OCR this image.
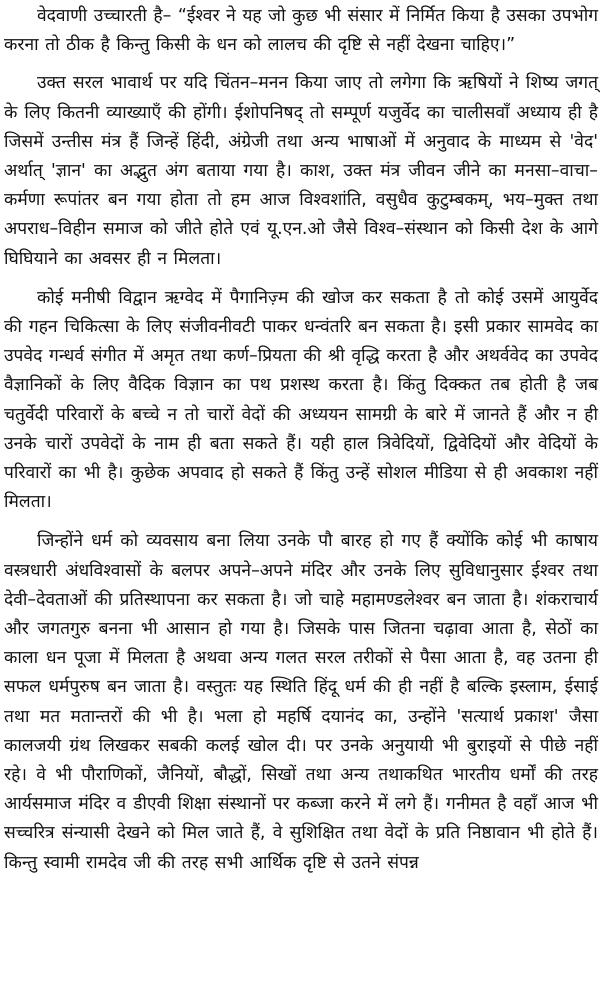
वेदवाणी उच्चारती है– “ईश्वर ने यह जो कुछ भी संसार में निर्मित किया है उसका उपभोग करना तो ठीक है किन्तु किसी के धन को लालच की दृष्टि से नहीं देखना चाहिए।”

उक्त सरल भावार्थ पर यदि चिंतन–मनन किया जाए तो लगेगा कि ऋषियों ने शिष्य जगत् के लिए कितनी व्याख्याएँ की होंगी। ईशोपनिषद् तो सम्पूर्ण यजुर्वेद का चालीसवाँ अध्याय ही है जिसमें उन्तीस मंत्र हैं जिन्हें हिंदी, अंग्रेजी तथा अन्य भाषाओं में अनुवाद के माध्यम से 'वेद' अर्थात् 'ज्ञान' का अद्भुत अंग बताया गया है। काश, उक्त मंत्र जीवन जीने का मनसा–वाचा–कर्मणा रूपांतर बन गया होता तो हम आज विश्वशांति, वसुधैव कुटुम्बकम्, भय–मुक्त तथा अपराध–विहीन समाज को जीते होते एवं यू.एन.ओ जैसे विश्व–संस्थान को किसी देश के आगे घिघियाने का अवसर ही न मिलता।

कोई मनीषी विद्वान ऋग्वेद में पैगानिज़्म की खोज कर सकता है तो कोई उसमें आयुर्वेद की गहन चिकित्सा के लिए संजीवनीवटी पाकर धन्वंतरि बन सकता है। इसी प्रकार सामवेद का उपवेद गन्धर्व संगीत में अमृत तथा कर्ण–प्रियता की श्री वृद्धि करता है और अथर्ववेद का उपवेद वैज्ञानिकों के लिए वैदिक विज्ञान का पथ प्रशस्थ करता है। किंतु दिक्कत तब होती है जब चतुर्वेदी परिवारों के बच्चे न तो चारों वेदों की अध्ययन सामग्री के बारे में जानते हैं और न ही उनके चारों उपवेदों के नाम ही बता सकते हैं। यही हाल त्रिवेदियों, द्विवेदियों और वेदियों के परिवारों का भी है। कुछेक अपवाद हो सकते हैं किंतु उन्हें सोशल मीडिया से ही अवकाश नहीं मिलता।

जिन्होंने धर्म को व्यवसाय बना लिया उनके पौ बारह हो गए हैं क्योंकि कोई भी काषाय वस्त्रधारी अंधविश्वासों के बलपर अपने–अपने मंदिर और उनके लिए सुविधानुसार ईश्वर तथा देवी–देवताओं की प्रतिस्थापना कर सकता है। जो चाहे महामण्डलेश्वर बन जाता है। शंकराचार्य और जगतगुरु बनना भी आसान हो गया है। जिसके पास जितना चढ़ावा आता है, सेठों का काला धन पूजा में मिलता है अथवा अन्य गलत सरल तरीकों से पैसा आता है, वह उतना ही सफल धर्मपुरुष बन जाता है। वस्तुतः यह स्थिति हिंदू धर्म की ही नहीं है बल्कि इस्लाम, ईसाई तथा मत मतान्तरों की भी है। भला हो महर्षि दयानंद का, उन्होंने 'सत्यार्थ प्रकाश' जैसा कालजयी ग्रंथ लिखकर सबकी कलई खोल दी। पर उनके अनुयायी भी बुराइयों से पीछे नहीं रहे। वे भी पौराणिकों, जैनियों, बौद्धों, सिखों तथा अन्य तथाकथित भारतीय धर्मों की तरह आर्यसमाज मंदिर व डीएवी शिक्षा संस्थानों पर कब्जा करने में लगे हैं। गनीमत है वहाँ आज भी सच्चरित्र संन्यासी देखने को मिल जाते हैं, वे सुशिक्षित तथा वेदों के प्रति निष्ठावान भी होते हैं। किन्तु स्वामी रामदेव जी की तरह सभी आर्थिक दृष्टि से उतने संपन्न
